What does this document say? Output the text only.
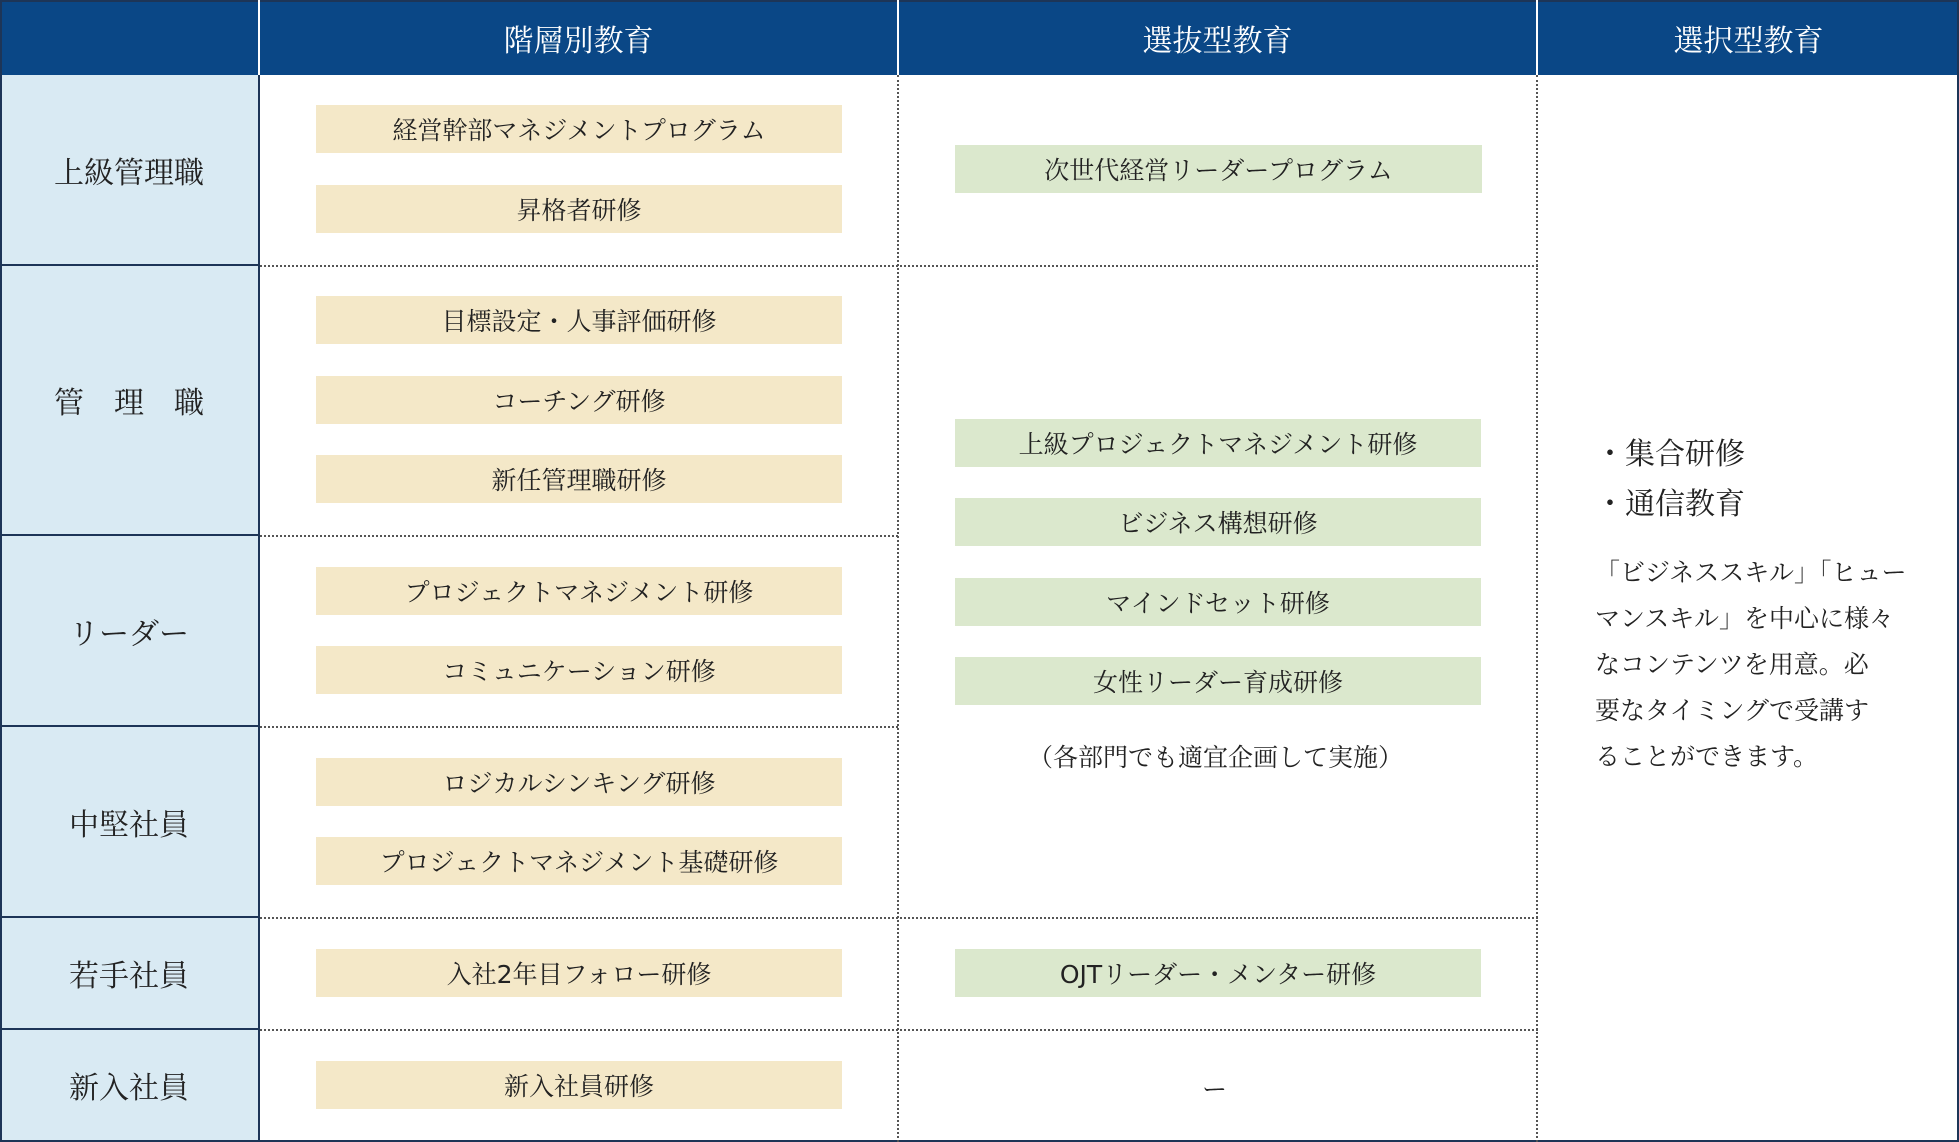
階層別教育	選抜型教育	選択型教育
上級管理職
管　理　職
リーダー
中堅社員
若手社員
新入社員
経営幹部マネジメントプログラム
昇格者研修
目標設定・人事評価研修
コーチング研修
新任管理職研修
プロジェクトマネジメント研修
コミュニケーション研修
ロジカルシンキング研修
プロジェクトマネジメント基礎研修
入社2年目フォロー研修
新入社員研修
次世代経営リーダープログラム
上級プロジェクトマネジメント研修
ビジネス構想研修
マインドセット研修
女性リーダー育成研修
OJTリーダー・メンター研修
（各部門でも適宜企画して実施）
ー
・集合研修
・通信教育
「ビジネススキル」「ヒュー
マンスキル」を中心に様々
なコンテンツを用意。必
要なタイミングで受講す
ることができます。
